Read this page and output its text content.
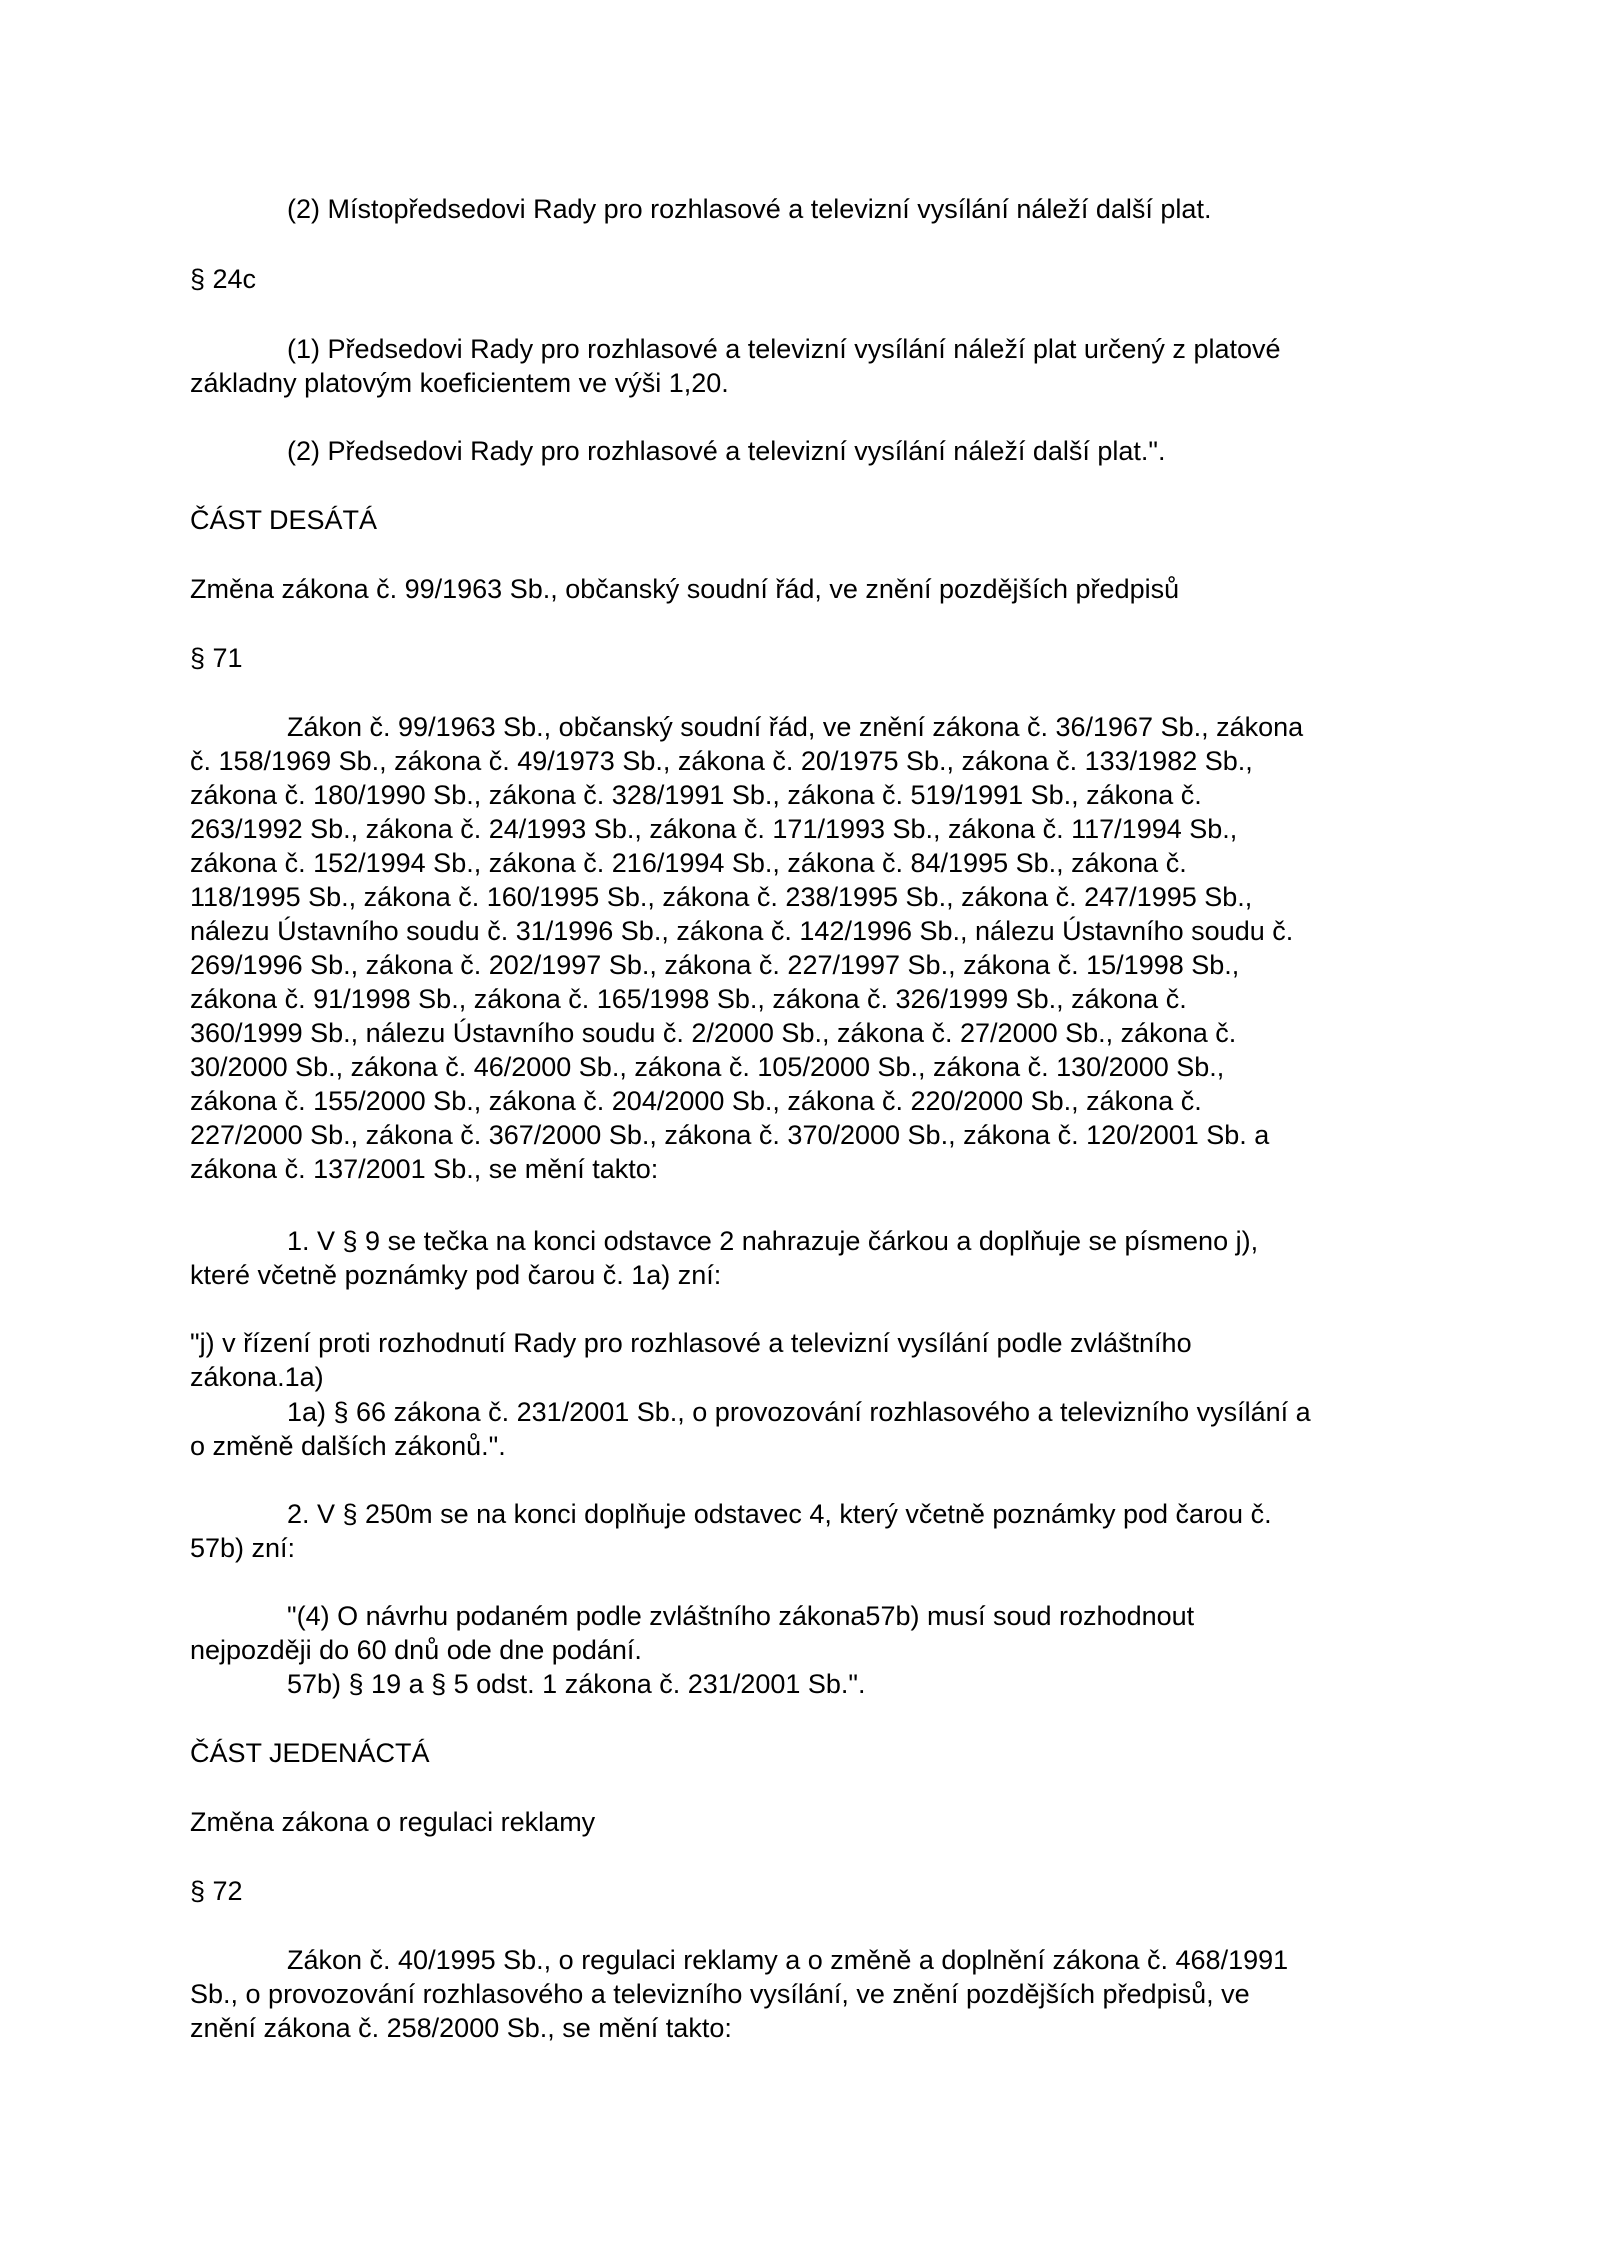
(2) Místopředsedovi Rady pro rozhlasové a televizní vysílání náleží další plat.

§ 24c

(1) Předsedovi Rady pro rozhlasové a televizní vysílání náleží plat určený z platové
základny platovým koeficientem ve výši 1,20.

(2) Předsedovi Rady pro rozhlasové a televizní vysílání náleží další plat.".

ČÁST DESÁTÁ

Změna zákona č. 99/1963 Sb., občanský soudní řád, ve znění pozdějších předpisů

§ 71

Zákon č. 99/1963 Sb., občanský soudní řád, ve znění zákona č. 36/1967 Sb., zákona
č. 158/1969 Sb., zákona č. 49/1973 Sb., zákona č. 20/1975 Sb., zákona č. 133/1982 Sb.,
zákona č. 180/1990 Sb., zákona č. 328/1991 Sb., zákona č. 519/1991 Sb., zákona č.
263/1992 Sb., zákona č. 24/1993 Sb., zákona č. 171/1993 Sb., zákona č. 117/1994 Sb.,
zákona č. 152/1994 Sb., zákona č. 216/1994 Sb., zákona č. 84/1995 Sb., zákona č.
118/1995 Sb., zákona č. 160/1995 Sb., zákona č. 238/1995 Sb., zákona č. 247/1995 Sb.,
nálezu Ústavního soudu č. 31/1996 Sb., zákona č. 142/1996 Sb., nálezu Ústavního soudu č.
269/1996 Sb., zákona č. 202/1997 Sb., zákona č. 227/1997 Sb., zákona č. 15/1998 Sb.,
zákona č. 91/1998 Sb., zákona č. 165/1998 Sb., zákona č. 326/1999 Sb., zákona č.
360/1999 Sb., nálezu Ústavního soudu č. 2/2000 Sb., zákona č. 27/2000 Sb., zákona č.
30/2000 Sb., zákona č. 46/2000 Sb., zákona č. 105/2000 Sb., zákona č. 130/2000 Sb.,
zákona č. 155/2000 Sb., zákona č. 204/2000 Sb., zákona č. 220/2000 Sb., zákona č.
227/2000 Sb., zákona č. 367/2000 Sb., zákona č. 370/2000 Sb., zákona č. 120/2001 Sb. a
zákona č. 137/2001 Sb., se mění takto:

1. V § 9 se tečka na konci odstavce 2 nahrazuje čárkou a doplňuje se písmeno j),
které včetně poznámky pod čarou č. 1a) zní:

"j) v řízení proti rozhodnutí Rady pro rozhlasové a televizní vysílání podle zvláštního
zákona.1a)

1a) § 66 zákona č. 231/2001 Sb., o provozování rozhlasového a televizního vysílání a
o změně dalších zákonů.".

2. V § 250m se na konci doplňuje odstavec 4, který včetně poznámky pod čarou č.
57b) zní:

"(4) O návrhu podaném podle zvláštního zákona57b) musí soud rozhodnout
nejpozději do 60 dnů ode dne podání.

57b) § 19 a § 5 odst. 1 zákona č. 231/2001 Sb.".

ČÁST JEDENÁCTÁ

Změna zákona o regulaci reklamy

§ 72

Zákon č. 40/1995 Sb., o regulaci reklamy a o změně a doplnění zákona č. 468/1991
Sb., o provozování rozhlasového a televizního vysílání, ve znění pozdějších předpisů, ve
znění zákona č. 258/2000 Sb., se mění takto:
